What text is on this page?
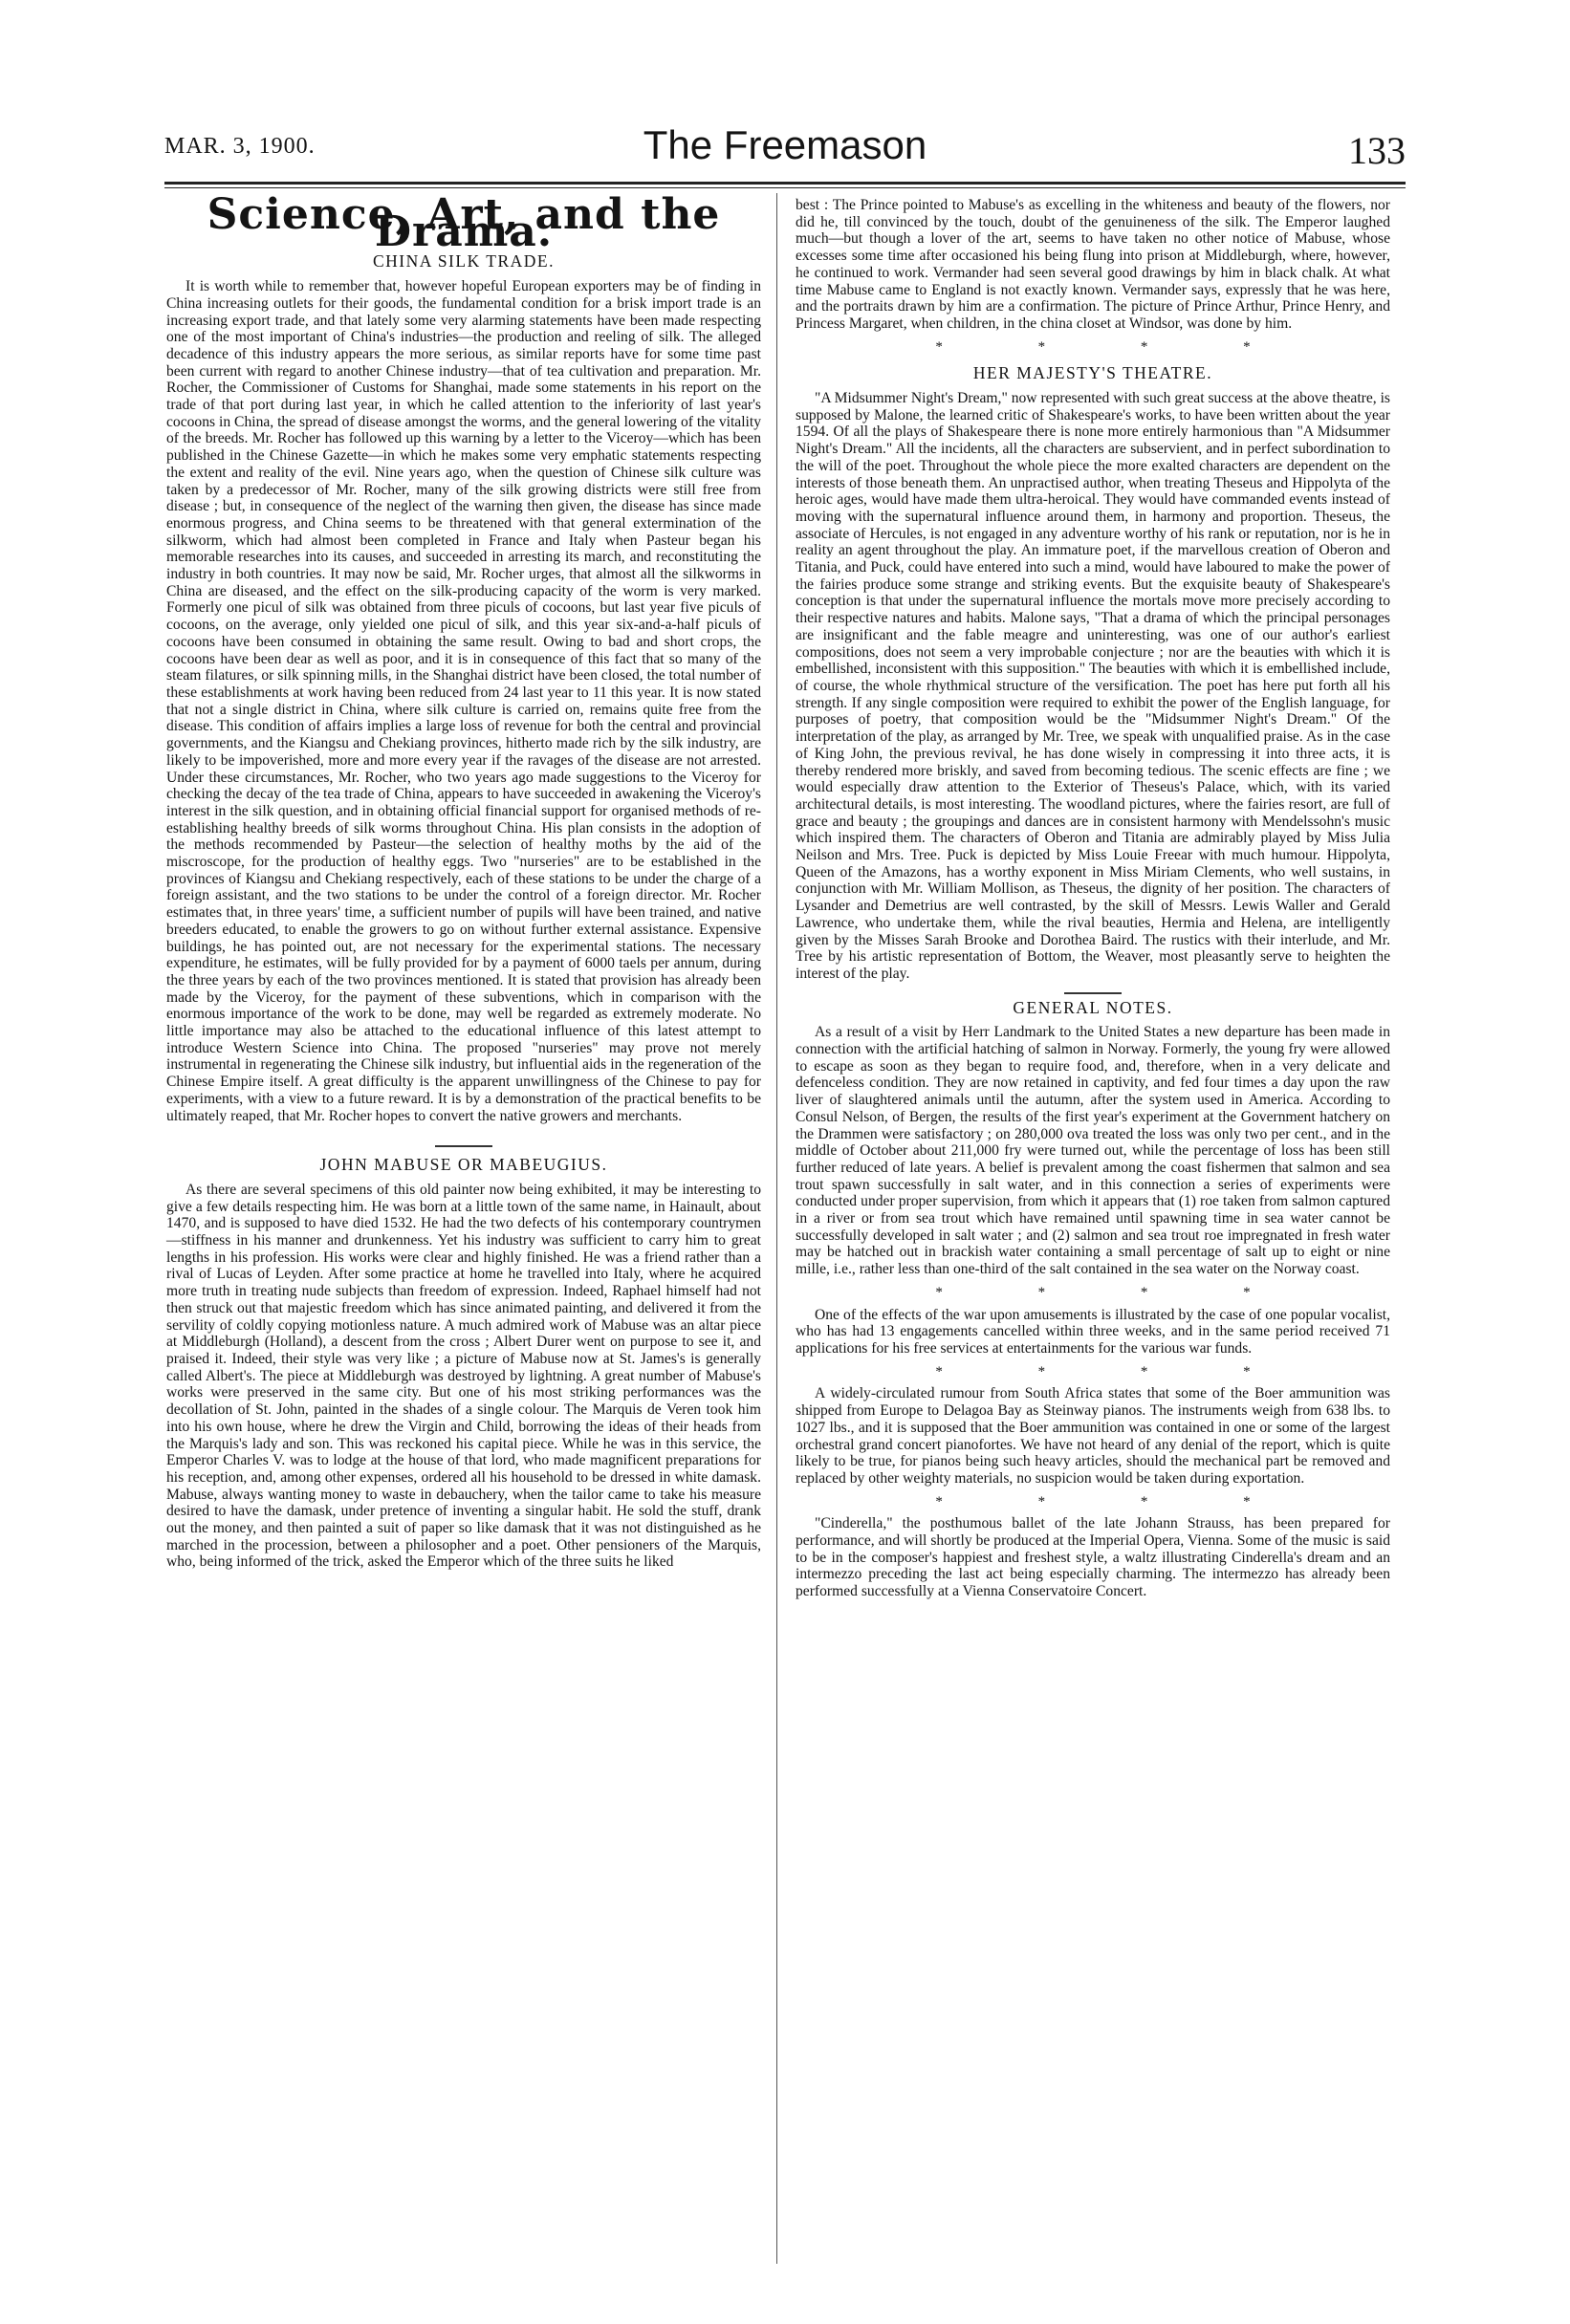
MAR. 3, 1900.	The Freemason	133
Science, Art, and the Drama.
CHINA SILK TRADE.

It is worth while to remember that, however hopeful European exporters may be of finding in China increasing outlets for their goods, the fundamental condition for a brisk import trade is an increasing export trade, and that lately some very alarming statements have been made respecting one of the most important of China's industries—the production and reeling of silk. The alleged decadence of this industry appears the more serious, as similar reports have for some time past been current with regard to another Chinese industry—that of tea cultivation and preparation. Mr. Rocher, the Commissioner of Customs for Shanghai, made some statements in his report on the trade of that port during last year, in which he called attention to the inferiority of last year's cocoons in China, the spread of disease amongst the worms, and the general lowering of the vitality of the breeds. Mr. Rocher has followed up this warning by a letter to the Viceroy—which has been published in the Chinese Gazette—in which he makes some very emphatic statements respecting the extent and reality of the evil. Nine years ago, when the question of Chinese silk culture was taken by a predecessor of Mr. Rocher, many of the silk growing districts were still free from disease ; but, in consequence of the neglect of the warning then given, the disease has since made enormous progress, and China seems to be threatened with that general extermination of the silkworm, which had almost been completed in France and Italy when Pasteur began his memorable researches into its causes, and succeeded in arresting its march, and reconstituting the industry in both countries. It may now be said, Mr. Rocher urges, that almost all the silkworms in China are diseased, and the effect on the silk-producing capacity of the worm is very marked. Formerly one picul of silk was obtained from three piculs of cocoons, but last year five piculs of cocoons, on the average, only yielded one picul of silk, and this year six-and-a-half piculs of cocoons have been consumed in obtaining the same result. Owing to bad and short crops, the cocoons have been dear as well as poor, and it is in consequence of this fact that so many of the steam filatures, or silk spinning mills, in the Shanghai district have been closed, the total number of these establishments at work having been reduced from 24 last year to 11 this year. It is now stated that not a single district in China, where silk culture is carried on, remains quite free from the disease. This condition of affairs implies a large loss of revenue for both the central and provincial governments, and the Kiangsu and Chekiang provinces, hitherto made rich by the silk industry, are likely to be impoverished, more and more every year if the ravages of the disease are not arrested. Under these circumstances, Mr. Rocher, who two years ago made suggestions to the Viceroy for checking the decay of the tea trade of China, appears to have succeeded in awakening the Viceroy's interest in the silk question, and in obtaining official financial support for organised methods of re-establishing healthy breeds of silk worms throughout China. His plan consists in the adoption of the methods recommended by Pasteur—the selection of healthy moths by the aid of the miscroscope, for the production of healthy eggs. Two "nurseries" are to be established in the provinces of Kiangsu and Chekiang respectively, each of these stations to be under the charge of a foreign assistant, and the two stations to be under the control of a foreign director. Mr. Rocher estimates that, in three years' time, a sufficient number of pupils will have been trained, and native breeders educated, to enable the growers to go on without further external assistance. Expensive buildings, he has pointed out, are not necessary for the experimental stations. The necessary expenditure, he estimates, will be fully provided for by a payment of 6000 taels per annum, during the three years by each of the two provinces mentioned. It is stated that provision has already been made by the Viceroy, for the payment of these subventions, which in comparison with the enormous importance of the work to be done, may well be regarded as extremely moderate. No little importance may also be attached to the educational influence of this latest attempt to introduce Western Science into China. The proposed "nurseries" may prove not merely instrumental in regenerating the Chinese silk industry, but influential aids in the regeneration of the Chinese Empire itself. A great difficulty is the apparent unwillingness of the Chinese to pay for experiments, with a view to a future reward. It is by a demonstration of the practical benefits to be ultimately reaped, that Mr. Rocher hopes to convert the native growers and merchants.

JOHN MABUSE OR MABEUGIUS.

As there are several specimens of this old painter now being exhibited, it may be interesting to give a few details respecting him. He was born at a little town of the same name, in Hainault, about 1470, and is supposed to have died 1532. He had the two defects of his contemporary countrymen—stiffness in his manner and drunkenness. Yet his industry was sufficient to carry him to great lengths in his profession. His works were clear and highly finished. He was a friend rather than a rival of Lucas of Leyden. After some practice at home he travelled into Italy, where he acquired more truth in treating nude subjects than freedom of expression. Indeed, Raphael himself had not then struck out that majestic freedom which has since animated painting, and delivered it from the servility of coldly copying motionless nature. A much admired work of Mabuse was an altar piece at Middleburgh (Holland), a descent from the cross ; Albert Durer went on purpose to see it, and praised it. Indeed, their style was very like ; a picture of Mabuse now at St. James's is generally called Albert's. The piece at Middleburgh was destroyed by lightning. A great number of Mabuse's works were preserved in the same city. But one of his most striking performances was the decollation of St. John, painted in the shades of a single colour. The Marquis de Veren took him into his own house, where he drew the Virgin and Child, borrowing the ideas of their heads from the Marquis's lady and son. This was reckoned his capital piece. While he was in this service, the Emperor Charles V. was to lodge at the house of that lord, who made magnificent preparations for his reception, and, among other expenses, ordered all his household to be dressed in white damask. Mabuse, always wanting money to waste in debauchery, when the tailor came to take his measure desired to have the damask, under pretence of inventing a singular habit. He sold the stuff, drank out the money, and then painted a suit of paper so like damask that it was not distinguished as he marched in the procession, between a philosopher and a poet. Other pensioners of the Marquis, who, being informed of the trick, asked the Emperor which of the three suits he liked

best : The Prince pointed to Mabuse's as excelling in the whiteness and beauty of the flowers, nor did he, till convinced by the touch, doubt of the genuineness of the silk. The Emperor laughed much—but though a lover of the art, seems to have taken no other notice of Mabuse, whose excesses some time after occasioned his being flung into prison at Middleburgh, where, however, he continued to work. Vermander had seen several good drawings by him in black chalk. At what time Mabuse came to England is not exactly known. Vermander says, expressly that he was here, and the portraits drawn by him are a confirmation. The picture of Prince Arthur, Prince Henry, and Princess Margaret, when children, in the china closet at Windsor, was done by him.

* * * *
HER MAJESTY'S THEATRE.

"A Midsummer Night's Dream," now represented with such great success at the above theatre, is supposed by Malone, the learned critic of Shakespeare's works, to have been written about the year 1594. Of all the plays of Shakespeare there is none more entirely harmonious than "A Midsummer Night's Dream." All the incidents, all the characters are subservient, and in perfect subordination to the will of the poet. Throughout the whole piece the more exalted characters are dependent on the interests of those beneath them. An unpractised author, when treating Theseus and Hippolyta of the heroic ages, would have made them ultra-heroical. They would have commanded events instead of moving with the supernatural influence around them, in harmony and proportion. Theseus, the associate of Hercules, is not engaged in any adventure worthy of his rank or reputation, nor is he in reality an agent throughout the play. An immature poet, if the marvellous creation of Oberon and Titania, and Puck, could have entered into such a mind, would have laboured to make the power of the fairies produce some strange and striking events. But the exquisite beauty of Shakespeare's conception is that under the supernatural influence the mortals move more precisely according to their respective natures and habits. Malone says, "That a drama of which the principal personages are insignificant and the fable meagre and uninteresting, was one of our author's earliest compositions, does not seem a very improbable conjecture ; nor are the beauties with which it is embellished, inconsistent with this supposition." The beauties with which it is embellished include, of course, the whole rhythmical structure of the versification. The poet has here put forth all his strength. If any single composition were required to exhibit the power of the English language, for purposes of poetry, that composition would be the "Midsummer Night's Dream." Of the interpretation of the play, as arranged by Mr. Tree, we speak with unqualified praise. As in the case of King John, the previous revival, he has done wisely in compressing it into three acts, it is thereby rendered more briskly, and saved from becoming tedious. The scenic effects are fine ; we would especially draw attention to the Exterior of Theseus's Palace, which, with its varied architectural details, is most interesting. The woodland pictures, where the fairies resort, are full of grace and beauty ; the groupings and dances are in consistent harmony with Mendelssohn's music which inspired them. The characters of Oberon and Titania are admirably played by Miss Julia Neilson and Mrs. Tree. Puck is depicted by Miss Louie Freear with much humour. Hippolyta, Queen of the Amazons, has a worthy exponent in Miss Miriam Clements, who well sustains, in conjunction with Mr. William Mollison, as Theseus, the dignity of her position. The characters of Lysander and Demetrius are well contrasted, by the skill of Messrs. Lewis Waller and Gerald Lawrence, who undertake them, while the rival beauties, Hermia and Helena, are intelligently given by the Misses Sarah Brooke and Dorothea Baird. The rustics with their interlude, and Mr. Tree by his artistic representation of Bottom, the Weaver, most pleasantly serve to heighten the interest of the play.

GENERAL NOTES.

As a result of a visit by Herr Landmark to the United States a new departure has been made in connection with the artificial hatching of salmon in Norway. Formerly, the young fry were allowed to escape as soon as they began to require food, and, therefore, when in a very delicate and defenceless condition. They are now retained in captivity, and fed four times a day upon the raw liver of slaughtered animals until the autumn, after the system used in America. According to Consul Nelson, of Bergen, the results of the first year's experiment at the Government hatchery on the Drammen were satisfactory ; on 280,000 ova treated the loss was only two per cent., and in the middle of October about 211,000 fry were turned out, while the percentage of loss has been still further reduced of late years. A belief is prevalent among the coast fishermen that salmon and sea trout spawn successfully in salt water, and in this connection a series of experiments were conducted under proper supervision, from which it appears that (1) roe taken from salmon captured in a river or from sea trout which have remained until spawning time in sea water cannot be successfully developed in salt water ; and (2) salmon and sea trout roe impregnated in fresh water may be hatched out in brackish water containing a small percentage of salt up to eight or nine mille, i.e., rather less than one-third of the salt contained in the sea water on the Norway coast.

* * * *

One of the effects of the war upon amusements is illustrated by the case of one popular vocalist, who has had 13 engagements cancelled within three weeks, and in the same period received 71 applications for his free services at entertainments for the various war funds.

* * * *

A widely-circulated rumour from South Africa states that some of the Boer ammunition was shipped from Europe to Delagoa Bay as Steinway pianos. The instruments weigh from 638 lbs. to 1027 lbs., and it is supposed that the Boer ammunition was contained in one or some of the largest orchestral grand concert pianofortes. We have not heard of any denial of the report, which is quite likely to be true, for pianos being such heavy articles, should the mechanical part be removed and replaced by other weighty materials, no suspicion would be taken during exportation.

* * * *

"Cinderella," the posthumous ballet of the late Johann Strauss, has been prepared for performance, and will shortly be produced at the Imperial Opera, Vienna. Some of the music is said to be in the composer's happiest and freshest style, a waltz illustrating Cinderella's dream and an intermezzo preceding the last act being especially charming. The intermezzo has already been performed successfully at a Vienna Conservatoire Concert.
